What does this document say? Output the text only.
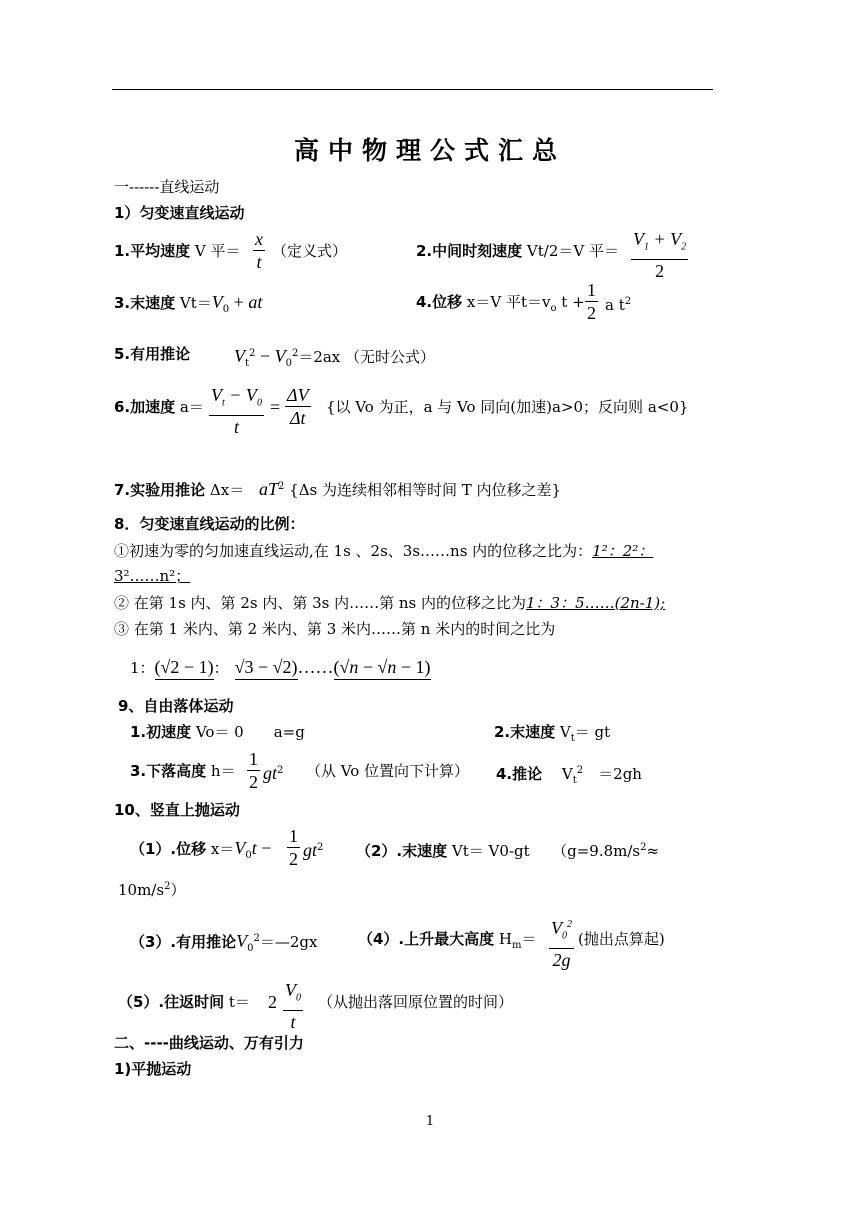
高中物理公式汇总
一------直线运动
1）匀变速直线运动
1.平均速度 V 平＝ $\frac{x}{t}$ （定义式）	2.中间时刻速度 Vt/2＝V 平＝ $\frac{V_1 + V_2}{2}$
3.末速度 $Vt=V_0$ + at	4.位移 x＝V 平$t=v_o$ $t + \frac{1}{2}$ a $t^2$
5.有用推论 $V_t^2 - V_0^2=2ax$ （无时公式）
6.加速度 $a= \frac{V_t - V_0}{t} = \frac{\Delta V}{\Delta t}$ {以 Vo 为正，a 与 Vo 同向(加速)a>0；反向则 a<0}
7.实验用推论 $\Delta x= aT^2$ {Δs 为连续相邻相等时间 T 内位移之差}
8．匀变速直线运动的比例：
①初速为零的匀加速直线运动,在 1s 、2s、3s……ns 内的位移之比为：1²：2²：
3²……n²；
② 在第 1s 内、第 2s 内、第 3s 内……第 ns 内的位移之比为1：3：5……(2n-1);
③ 在第 1 米内、第 2 米内、第 3 米内……第 n 米内的时间之比为
1：(√2 − 1)： √3 − √2)……(√n − √n − 1)
9、自由落体运动
1.初速度 Vo＝ 0　　a=g	2.末速度 $V_t=$ gt
3.下落高度 $h= \frac{1}{2} gt^2$ （从 Vo 位置向下计算） 4.推论　 $V_t^2$　＝2gh
10、竖直上抛运动
（1）.位移 $x=V_0t - \frac{1}{2} gt^2$ （2）.末速度 Vt＝ V0-gt　　（$g=9.8m/s^2\approx$
$10m/s^2$）
（3）.有用推论$V_0^2=—2gx$	（4）.上升最大高度 $H_m= \frac{V_0^2}{2g}$ (抛出点算起)
（5）.往返时间 $t= 2 \frac{V_0}{t}$ （从抛出落回原位置的时间）
二、----曲线运动、万有引力
1)平抛运动
1
